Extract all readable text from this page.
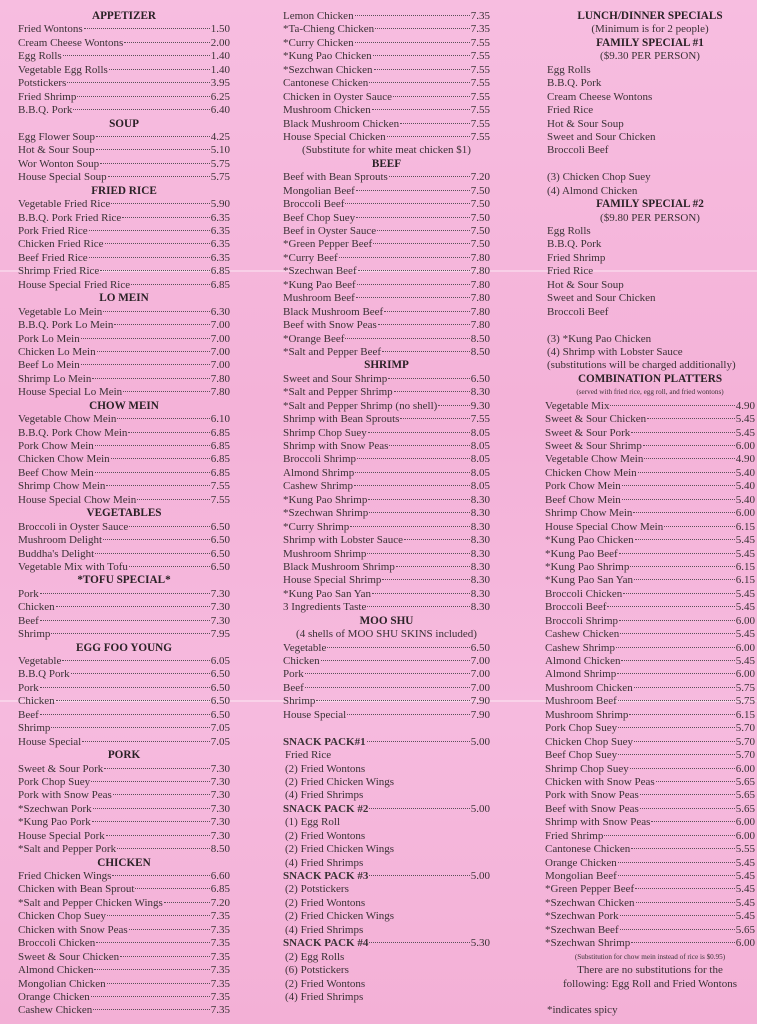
APPETIZER
Fried Wontons	1.50
Cream Cheese Wontons	2.00
Egg Rolls	1.40
Vegetable Egg Rolls	1.40
Potstickers	3.95
Fried Shrimp	6.25
B.B.Q. Pork	6.40
SOUP
Egg Flower Soup	4.25
Hot & Sour Soup	5.10
Wor Wonton Soup	5.75
House Special Soup	5.75
FRIED RICE
Vegetable Fried Rice	5.90
B.B.Q. Pork Fried Rice	6.35
Pork Fried Rice	6.35
Chicken Fried Rice	6.35
Beef Fried Rice	6.35
Shrimp Fried Rice	6.85
House Special Fried Rice	6.85
LO MEIN
Vegetable Lo Mein	6.30
B.B.Q. Pork Lo Mein	7.00
Pork Lo Mein	7.00
Chicken Lo Mein	7.00
Beef Lo Mein	7.00
Shrimp Lo Mein	7.80
House Special Lo Mein	7.80
CHOW MEIN
Vegetable Chow Mein	6.10
B.B.Q. Pork Chow Mein	6.85
Pork Chow Mein	6.85
Chicken Chow Mein	6.85
Beef Chow Mein	6.85
Shrimp Chow Mein	7.55
House Special Chow Mein	7.55
VEGETABLES
Broccoli in Oyster Sauce	6.50
Mushroom Delight	6.50
Buddha's Delight	6.50
Vegetable Mix with Tofu	6.50
*TOFU SPECIAL*
Pork	7.30
Chicken	7.30
Beef	7.30
Shrimp	7.95
EGG FOO YOUNG
Vegetable	6.05
B.B.Q Pork	6.50
Pork	6.50
Chicken	6.50
Beef	6.50
Shrimp	7.05
House Special	7.05
PORK
Sweet & Sour Pork	7.30
Pork Chop Suey	7.30
Pork with Snow Peas	7.30
*Szechwan Pork	7.30
*Kung Pao Pork	7.30
House Special Pork	7.30
*Salt and Pepper Pork	8.50
CHICKEN
Fried Chicken Wings	6.60
Chicken with Bean Sprout	6.85
*Salt and Pepper Chicken Wings	7.20
Chicken Chop Suey	7.35
Chicken with Snow Peas	7.35
Broccoli Chicken	7.35
Sweet & Sour Chicken	7.35
Almond Chicken	7.35
Mongolian Chicken	7.35
Orange Chicken	7.35
Cashew Chicken	7.35
Lemon Chicken	7.35
*Ta-Chieng Chicken	7.35
*Curry Chicken	7.55
*Kung Pao Chicken	7.55
*Sezchwan Chicken	7.55
Cantonese Chicken	7.55
Chicken in Oyster Sauce	7.55
Mushroom Chicken	7.55
Black Mushroom Chicken	7.55
House Special Chicken	7.55
(Substitute for white meat chicken $1)
BEEF
Beef with Bean Sprouts	7.20
Mongolian Beef	7.50
Broccoli Beef	7.50
Beef Chop Suey	7.50
Beef in Oyster Sauce	7.50
*Green Pepper Beef	7.50
*Curry Beef	7.80
*Szechwan Beef	7.80
*Kung Pao Beef	7.80
Mushroom Beef	7.80
Black Mushroom Beef	7.80
Beef with Snow Peas	7.80
*Orange Beef	8.50
*Salt and Pepper Beef	8.50
SHRIMP
Sweet and Sour Shrimp	6.50
*Salt and Pepper Shrimp	8.30
*Salt and Pepper Shrimp (no shell)	9.30
Shrimp with Bean Sprouts	7.55
Shrimp Chop Suey	8.05
Shrimp with Snow Peas	8.05
Broccoli Shrimp	8.05
Almond Shrimp	8.05
Cashew Shrimp	8.05
*Kung Pao Shrimp	8.30
*Szechwan Shrimp	8.30
*Curry Shrimp	8.30
Shrimp with Lobster Sauce	8.30
Mushroom Shrimp	8.30
Black Mushroom Shrimp	8.30
House Special Shrimp	8.30
*Kung Pao San Yan	8.30
3 Ingredients Taste	8.30
MOO SHU
(4 shells of MOO SHU SKINS included)
Vegetable	6.50
Chicken	7.00
Pork	7.00
Beef	7.00
Shrimp	7.90
House Special	7.90
SNACK PACK#1	5.00
Fried Rice
(2) Fried Wontons
(2) Fried Chicken Wings
(4) Fried Shrimps
SNACK PACK #2	5.00
(1) Egg Roll
(2) Fried Wontons
(2) Fried Chicken Wings
(4) Fried Shrimps
SNACK PACK #3	5.00
(2) Potstickers
(2) Fried Wontons
(2) Fried Chicken Wings
(4) Fried Shrimps
SNACK PACK #4	5.30
(2) Egg Rolls
(6) Potstickers
(2) Fried Wontons
(4) Fried Shrimps
LUNCH/DINNER SPECIALS
(Minimum is for 2 people)
FAMILY SPECIAL #1
($9.30 PER PERSON)
Egg Rolls
B.B.Q. Pork
Cream Cheese Wontons
Fried Rice
Hot & Sour Soup
Sweet and Sour Chicken
Broccoli Beef
(3) Chicken Chop Suey
(4) Almond Chicken
FAMILY SPECIAL #2
($9.80 PER PERSON)
Egg Rolls
B.B.Q. Pork
Fried Shrimp
Fried Rice
Hot & Sour Soup
Sweet and Sour Chicken
Broccoli Beef
(3) *Kung Pao Chicken
(4) Shrimp with Lobster Sauce
(substitutions will be charged additionally)
COMBINATION PLATTERS
(served with fried rice, egg roll, and fried wontons)
Vegetable Mix	4.90
Sweet & Sour Chicken	5.45
Sweet & Sour Pork	5.45
Sweet & Sour Shrimp	6.00
Vegetable Chow Mein	4.90
Chicken Chow Mein	5.40
Pork Chow Mein	5.40
Beef Chow Mein	5.40
Shrimp Chow Mein	6.00
House Special Chow Mein	6.15
*Kung Pao Chicken	5.45
*Kung Pao Beef	5.45
*Kung Pao Shrimp	6.15
*Kung Pao San Yan	6.15
Broccoli Chicken	5.45
Broccoli Beef	5.45
Broccoli Shrimp	6.00
Cashew Chicken	5.45
Cashew Shrimp	6.00
Almond Chicken	5.45
Almond Shrimp	6.00
Mushroom Chicken	5.75
Mushroom Beef	5.75
Mushroom Shrimp	6.15
Pork Chop Suey	5.70
Chicken Chop Suey	5.70
Beef Chop Suey	5.70
Shrimp Chop Suey	6.00
Chicken with Snow Peas	5.65
Pork with Snow Peas	5.65
Beef with Snow Peas	5.65
Shrimp with Snow Peas	6.00
Fried Shrimp	6.00
Cantonese Chicken	5.55
Orange Chicken	5.45
Mongolian Beef	5.45
*Green Pepper Beef	5.45
*Szechwan Chicken	5.45
*Szechwan Pork	5.45
*Szechwan Beef	5.65
*Szechwan Shrimp	6.00
(Substitution for chow mein instead of rice is $0.95)
There are no substitutions for the
following: Egg Roll and Fried Wontons
*indicates spicy
